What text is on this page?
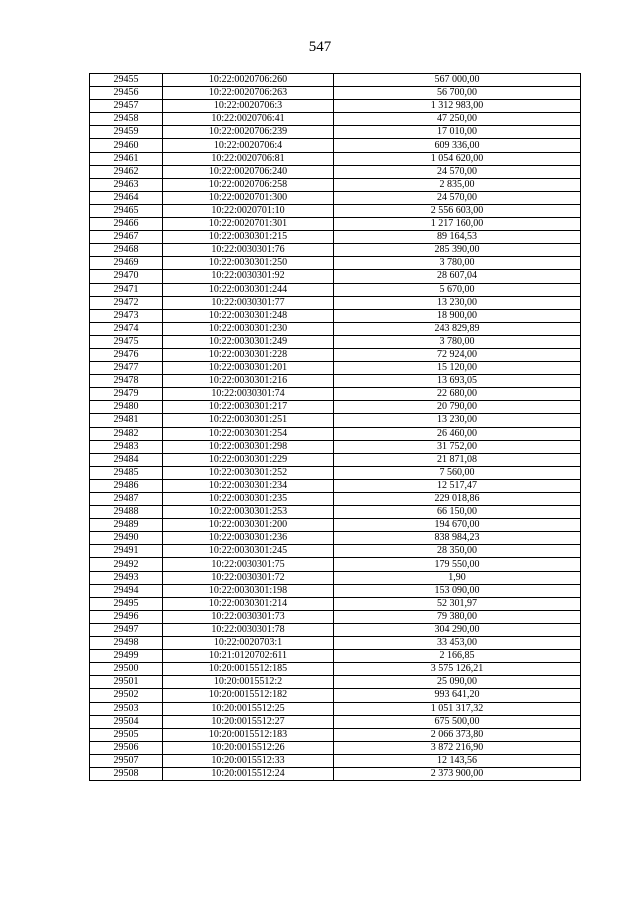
547
29455	10:22:0020706:260	567 000,00
29456	10:22:0020706:263	56 700,00
29457	10:22:0020706:3	1 312 983,00
29458	10:22:0020706:41	47 250,00
29459	10:22:0020706:239	17 010,00
29460	10:22:0020706:4	609 336,00
29461	10:22:0020706:81	1 054 620,00
29462	10:22:0020706:240	24 570,00
29463	10:22:0020706:258	2 835,00
29464	10:22:0020701:300	24 570,00
29465	10:22:0020701:10	2 556 603,00
29466	10:22:0020701:301	1 217 160,00
29467	10:22:0030301:215	89 164,53
29468	10:22:0030301:76	285 390,00
29469	10:22:0030301:250	3 780,00
29470	10:22:0030301:92	28 607,04
29471	10:22:0030301:244	5 670,00
29472	10:22:0030301:77	13 230,00
29473	10:22:0030301:248	18 900,00
29474	10:22:0030301:230	243 829,89
29475	10:22:0030301:249	3 780,00
29476	10:22:0030301:228	72 924,00
29477	10:22:0030301:201	15 120,00
29478	10:22:0030301:216	13 693,05
29479	10:22:0030301:74	22 680,00
29480	10:22:0030301:217	20 790,00
29481	10:22:0030301:251	13 230,00
29482	10:22:0030301:254	26 460,00
29483	10:22:0030301:298	31 752,00
29484	10:22:0030301:229	21 871,08
29485	10:22:0030301:252	7 560,00
29486	10:22:0030301:234	12 517,47
29487	10:22:0030301:235	229 018,86
29488	10:22:0030301:253	66 150,00
29489	10:22:0030301:200	194 670,00
29490	10:22:0030301:236	838 984,23
29491	10:22:0030301:245	28 350,00
29492	10:22:0030301:75	179 550,00
29493	10:22:0030301:72	1,90
29494	10:22:0030301:198	153 090,00
29495	10:22:0030301:214	52 301,97
29496	10:22:0030301:73	79 380,00
29497	10:22:0030301:78	304 290,00
29498	10:22:0020703:1	33 453,00
29499	10:21:0120702:611	2 166,85
29500	10:20:0015512:185	3 575 126,21
29501	10:20:0015512:2	25 090,00
29502	10:20:0015512:182	993 641,20
29503	10:20:0015512:25	1 051 317,32
29504	10:20:0015512:27	675 500,00
29505	10:20:0015512:183	2 066 373,80
29506	10:20:0015512:26	3 872 216,90
29507	10:20:0015512:33	12 143,56
29508	10:20:0015512:24	2 373 900,00
